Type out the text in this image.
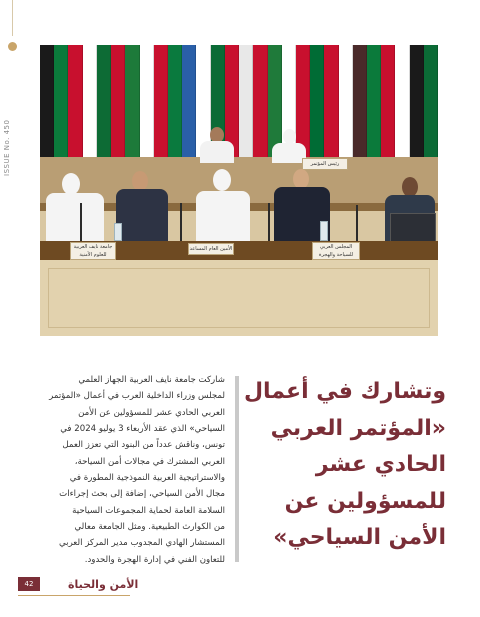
ISSUE No. 450	رئيس المؤتمر
جامعة نايف العربية للعلوم الأمنية
الأمين العام المساعد	المجلس العربي للسياحة والهجرة
وتشارك في أعمال
«المؤتمر العربي
الحادي عشر
للمسؤولين عن
الأمن السياحي»
شاركت جامعة نايف العربية الجهاز العلمي
لمجلس وزراء الداخلية العرب في أعمال «المؤتمر
العربي الحادي عشر للمسؤولين عن الأمن
السياحي» الذي عقد الأربعاء 3 يوليو 2024 في
تونس، وناقش عدداً من البنود التي تعزز العمل
العربي المشترك في مجالات أمن السياحة،
والاستراتيجية العربية النموذجية المطورة في
مجال الأمن السياحي، إضافة إلى بحث إجراءات
السلامة العامة لحماية المجموعات السياحية
من الكوارث الطبيعية. ومثل الجامعة معالي
المستشار الهادي المجدوب مدير المركز العربي
للتعاون الفني في إدارة الهجرة والحدود.
42	الأمن والحياة
